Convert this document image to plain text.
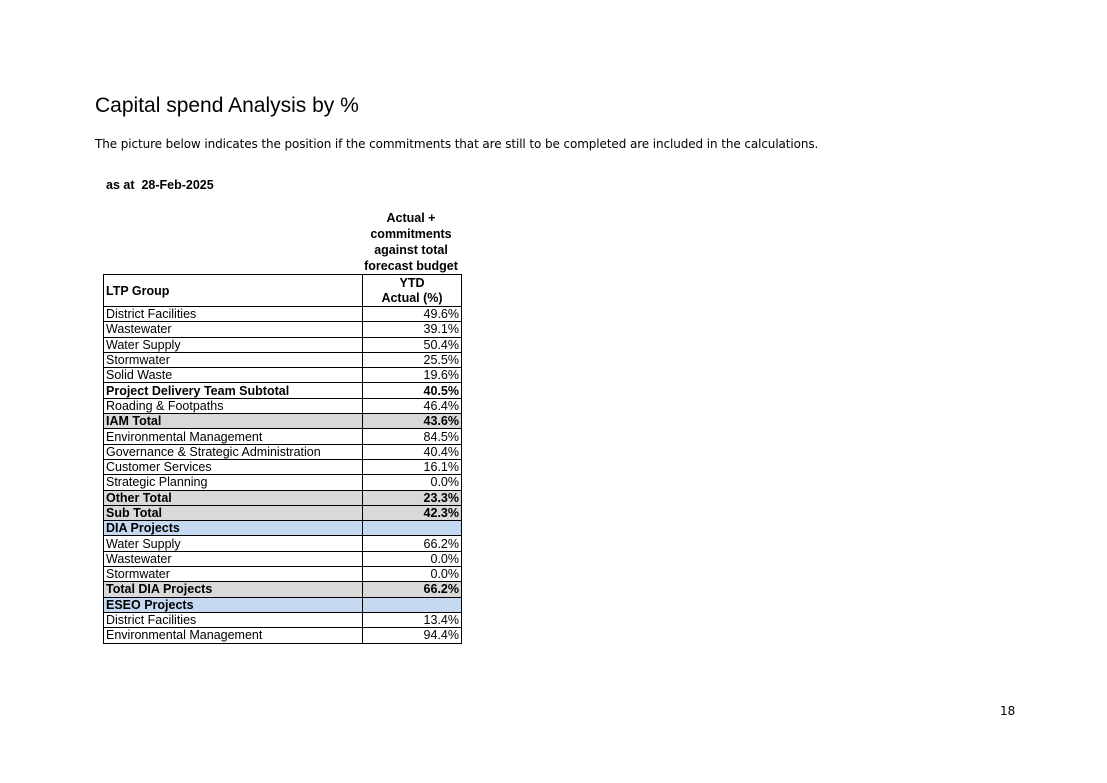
Capital spend Analysis by %
The picture below indicates the position if the commitments that are still to be completed are included in the calculations.
as at 28-Feb-2025
Actual +
commitments
against total
forecast budget
LTP Group	YTD
Actual (%)

District Facilities	49.6%
Wastewater	39.1%
Water Supply	50.4%
Stormwater	25.5%
Solid Waste	19.6%
Project Delivery Team Subtotal	40.5%
Roading & Footpaths	46.4%
IAM Total	43.6%
Environmental Management	84.5%
Governance & Strategic Administration	40.4%
Customer Services	16.1%
Strategic Planning	0.0%
Other Total	23.3%
Sub Total	42.3%
DIA Projects	
Water Supply	66.2%
Wastewater	0.0%
Stormwater	0.0%
Total DIA Projects	66.2%
ESEO Projects	
District Facilities	13.4%
Environmental Management	94.4%
18
